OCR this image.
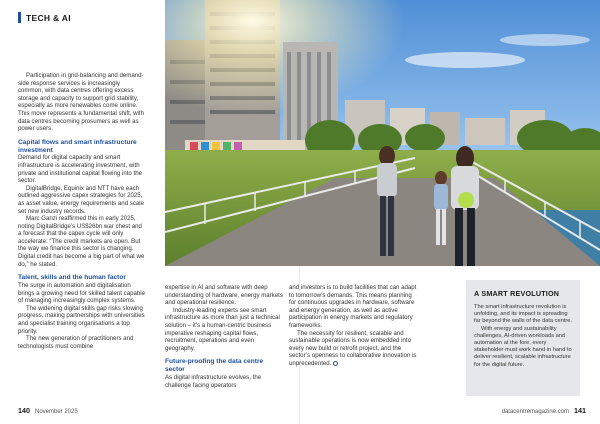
TECH & AI

Participation in grid-balancing and demand-side response services is increasingly common, with data centres offering excess storage and capacity to support grid stability, especially as more renewables come online. This move represents a fundamental shift, with data centres becoming prosumers as well as power users.

Capital flows and smart infrastructure investment

Demand for digital capacity and smart infrastructure is accelerating investment, with private and institutional capital flowing into the sector.

DigitalBridge, Equinix and NTT have each outlined aggressive capex strategies for 2025, as asset value, energy requirements and scale set new industry records.

Marc Ganzi reaffirmed this in early 2025, noting DigitalBridge’s US$26bn war chest and a forecast that the capex cycle will only accelerate: “The credit markets are open. But the way we finance this sector is changing. Digital credit has become a big part of what we do,” he stated.

Talent, skills and the human factor

The surge in automation and digitalisation brings a growing need for skilled talent capable of managing increasingly complex systems.

The widening digital skills gap risks slowing progress, making partnerships with universities and specialist training organisations a top priority.

The new generation of practitioners and technologists must combine

expertise in AI and software with deep understanding of hardware, energy markets and operational resilience.

Industry-leading experts see smart infrastructure as more than just a technical solution – it’s a human-centric business imperative reshaping capital flows, recruitment, operations and even geography.

Future-proofing the data centre sector

As digital infrastructure evolves, the challenge facing operators

and investors is to build facilities that can adapt to tomorrow’s demands. This means planning for continuous upgrades in hardware, software and energy generation, as well as active participation in energy markets and regulatory frameworks.

The necessity for resilient, scalable and sustainable operations is now embedded into every new build or retrofit project, and the sector’s openness to collaborative innovation is unprecedented.

A SMART REVOLUTION

The smart infrastructure revolution is unfolding, and its impact is spreading far beyond the walls of the data centre.

With energy and sustainability challenges, AI-driven workloads and automation at the fore, every stakeholder must work hand in hand to deliver resilient, scalable infrastructure for the digital future.

140 November 2025	datacentremagazine.com 141
